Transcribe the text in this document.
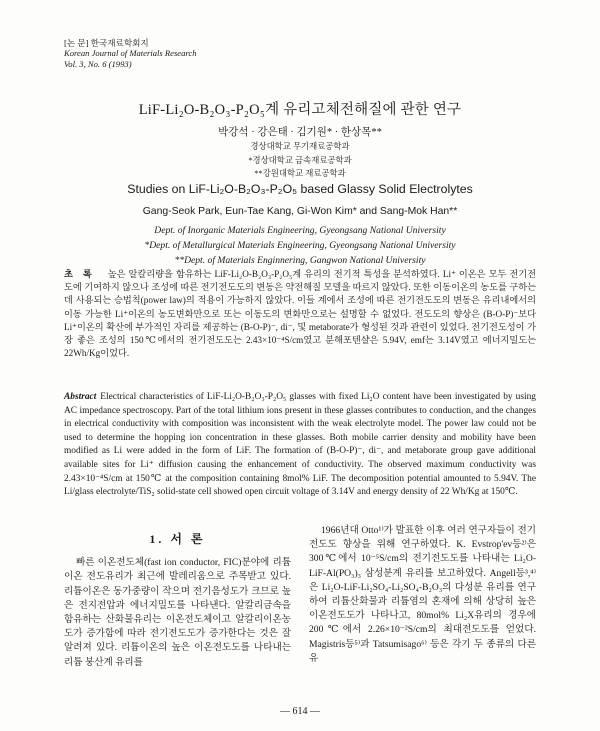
[논 문] 한국재료학회지
Korean Journal of Materials Research
Vol. 3, No. 6 (1993)
LiF-Li₂O-B₂O₃-P₂O₅계 유리고체전해질에 관한 연구
박강석 · 강은태 · 김기원* · 한상목**
경상대학교 무기재료공학과
*경상대학교 금속재료공학과
**강원대학교 재료공학과
Studies on LiF-Li₂O-B₂O₃-P₂O₅ based Glassy Solid Electrolytes
Gang-Seok Park, Eun-Tae Kang, Gi-Won Kim* and Sang-Mok Han**
Dept. of Inorganic Materials Engineering, Gyeongsang National University
*Dept. of Metallurgical Materials Engineering, Gyeongsang National University
**Dept. of Materials Enginnering, Gangwon National University
초록 높은 알칼리량을 함유하는 LiF-Li₂O-B₂O₃-P₂O₅계 유리의 전기적 특성을 분석하였다. Li⁺ 이온은 모두 전기전도에 기여하지 않으나 조성에 따른 전기전도도의 변동은 약전해질 모델을 따르지 않았다. 또한 이동이온의 농도를 구하는데 사용되는 승법칙(power law)의 적용이 가능하지 않았다. 이들 계에서 조성에 따른 전기전도도의 변동은 유리내에서의 이동 가능한 Li⁺이온의 농도변화만으로 또는 이동도의 변화만으로는 설명할 수 없었다. 전도도의 향상은 (B-O-P)⁻보다 Li⁺이온의 확산에 부가적인 자리를 제공하는 (B-O-P)⁻, di⁻, 및 metaborate가 형성된 것과 관련이 있었다. 전기전도성이 가장 좋은 조성의 150℃에서의 전기전도도는 2.43×10⁻⁴S/cm였고 분해포텐샬은 5.94V, emf는 3.14V였고 에너지밀도는 22Wh/Kg이었다.
Abstract Electrical characteristics of LiF-Li₂O-B₂O₃-P₂O₅ glasses with fixed Li₂O content have been investigated by using AC impedance spectroscopy. Part of the total lithium ions present in these glasses contributes to conduction, and the changes in electrical conductivity with composition was inconsistent with the weak electrolyte model. The power law could not be used to determine the hopping ion concentration in these glasses. Both mobile carrier density and mobility have been modified as Li were added in the form of LiF. The formation of (B-O-P)⁻, di⁻, and metaborate group gave additional available sites for Li⁺ diffusion causing the enhancement of conductivity. The observed maximum conductivity was 2.43×10⁻⁴S/cm at 150℃ at the composition containing 8mol% LiF. The decomposition potential amounted to 5.94V. The Li/glass electrolyte/TiS₂ solid-state cell showed open circuit voltage of 3.14V and energy density of 22 Wh/Kg at 150℃.
1. 서 론

빠른 이온전도체(fast ion conductor, FIC)분야에 리튬이온 전도유리가 최근에 발레리움으로 주목받고 있다. 리튬이온은 동가중량이 작으며 전기음성도가 크므로 높은 전지전압과 에너지밀도를 나타낸다. 알칼리금속을 함유하는 산화물유리는 이온전도체이고 알칼리이온농도가 증가함에 따라 전기전도도가 증가한다는 것은 잘 알려져 있다. 리튬이온의 높은 이온전도도를 나타내는 리튬 붕산계 유리를

1966년대 Otto¹⁾가 발표한 이후 여러 연구자들이 전기전도도 향상을 위해 연구하였다. K. Evstrop'ev등²⁾은 300℃에서 10⁻⁵S/cm의 전기전도도를 나타내는 Li₂O-LiF-Al(PO₃)₃ 삼성분계 유리를 보고하였다. Angell등³,⁴⁾은 Li₂O-LiF-Li₂SO₄-Li₂SO₄-B₂O₃의 다성분 유리를 연구하여 리튬산화물과 리튬염의 혼재에 의해 상당히 높은 이온전도도가 나타나고, 80mol% Li₂X유리의 경우에 200℃에서 2.26×10⁻²S/cm의 최대전도도를 얻었다. Magistris등⁵⁾과 Tatsumisago⁶⁾ 등은 각기 두 종류의 다른 유

— 614 —
